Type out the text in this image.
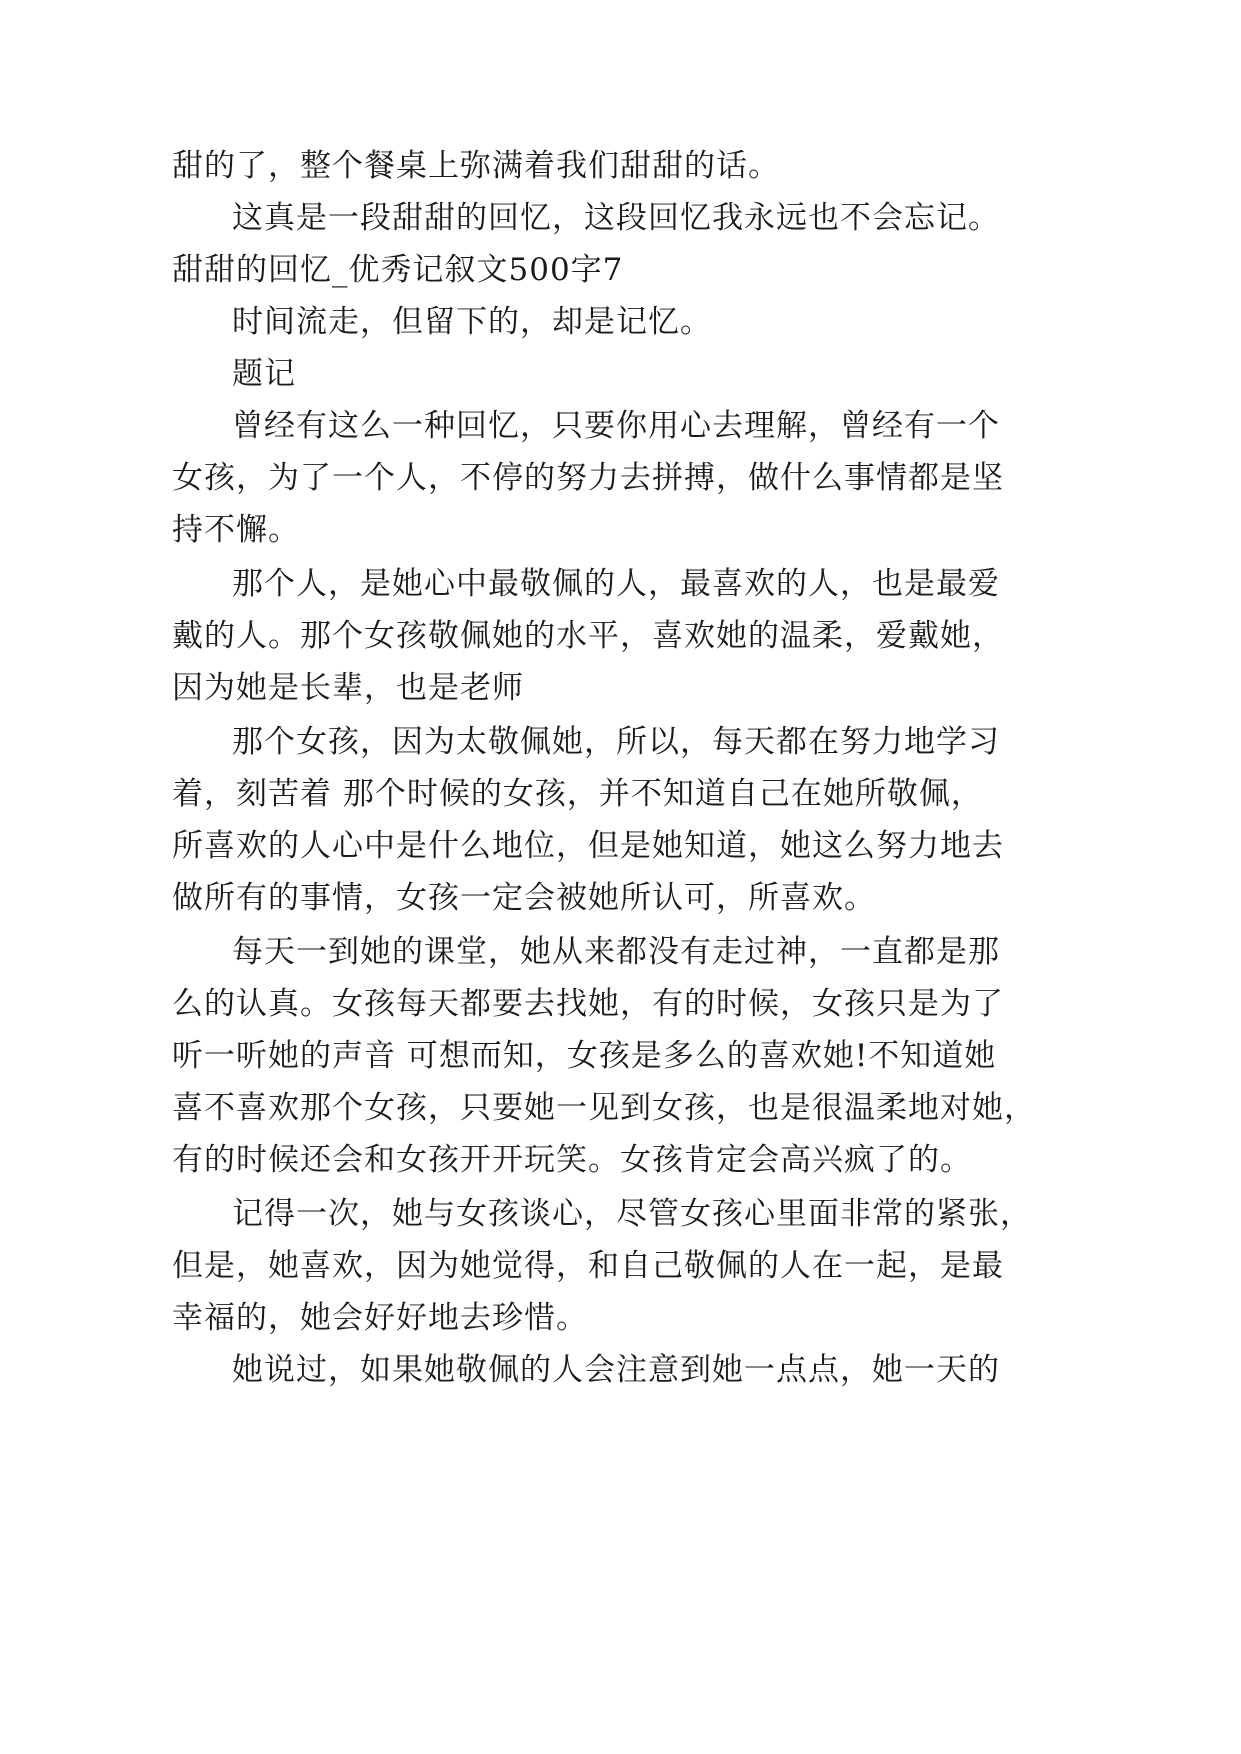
甜的了，整个餐桌上弥满着我们甜甜的话。
这真是一段甜甜的回忆，这段回忆我永远也不会忘记。
甜甜的回忆_优秀记叙文500字7
时间流走，但留下的，却是记忆。
题记
曾经有这么一种回忆，只要你用心去理解，曾经有一个
女孩，为了一个人，不停的努力去拼搏，做什么事情都是坚
持不懈。
那个人，是她心中最敬佩的人，最喜欢的人，也是最爱
戴的人。那个女孩敬佩她的水平，喜欢她的温柔，爱戴她，
因为她是长辈，也是老师
那个女孩，因为太敬佩她，所以，每天都在努力地学习
着，刻苦着 那个时候的女孩，并不知道自己在她所敬佩，
所喜欢的人心中是什么地位，但是她知道，她这么努力地去
做所有的事情，女孩一定会被她所认可，所喜欢。
每天一到她的课堂，她从来都没有走过神，一直都是那
么的认真。女孩每天都要去找她，有的时候，女孩只是为了
听一听她的声音 可想而知，女孩是多么的喜欢她!不知道她
喜不喜欢那个女孩，只要她一见到女孩，也是很温柔地对她，
有的时候还会和女孩开开玩笑。女孩肯定会高兴疯了的。
记得一次，她与女孩谈心，尽管女孩心里面非常的紧张，
但是，她喜欢，因为她觉得，和自己敬佩的人在一起，是最
幸福的，她会好好地去珍惜。
她说过，如果她敬佩的人会注意到她一点点，她一天的
